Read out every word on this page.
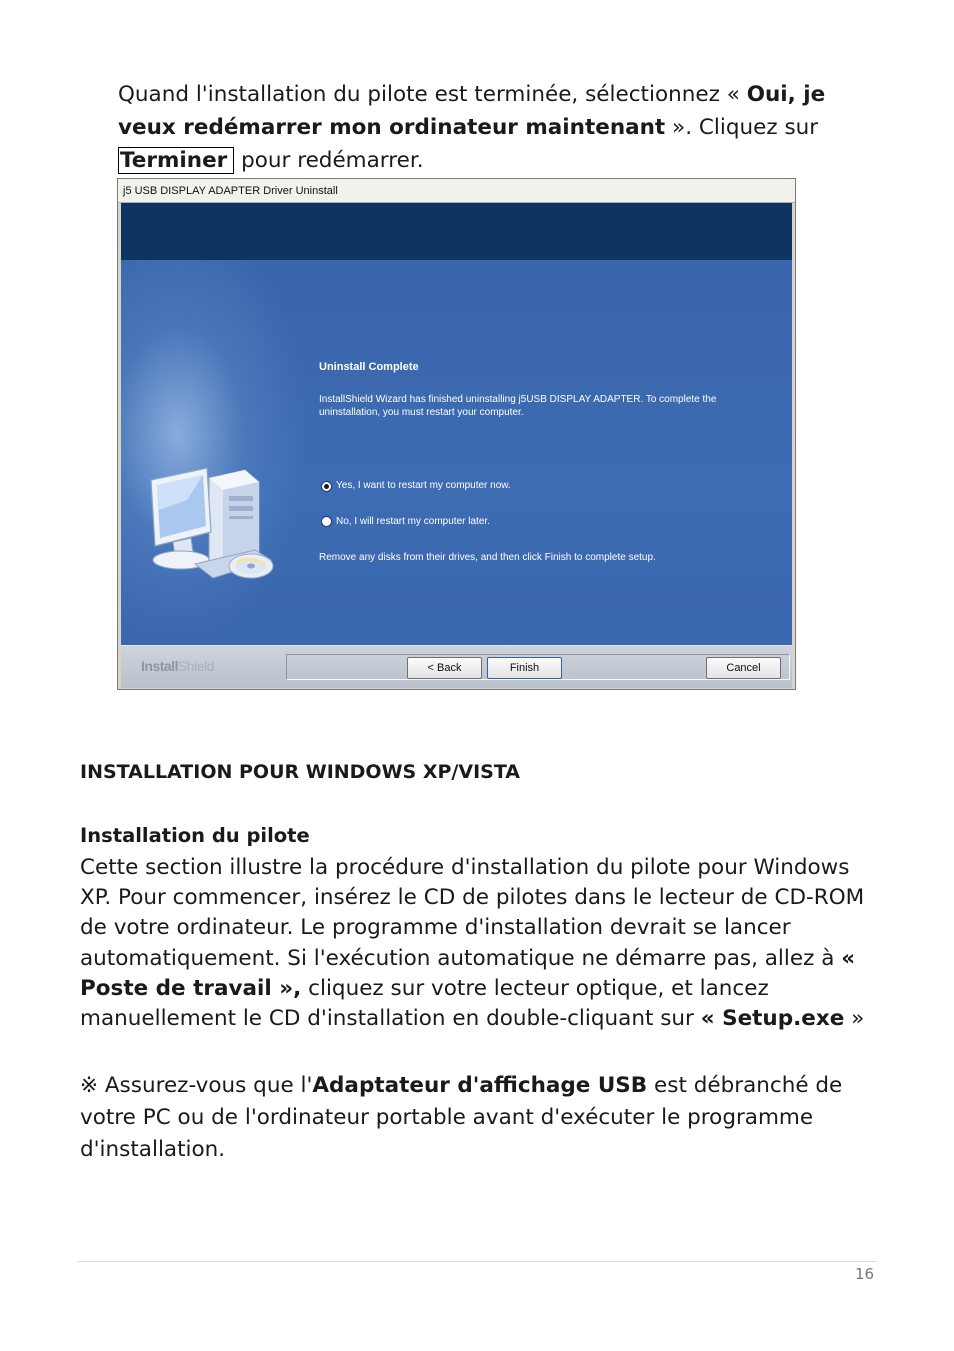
Quand l'installation du pilote est terminée, sélectionnez « Oui, je veux redémarrer mon ordinateur maintenant ». Cliquez sur Terminer pour redémarrer.
j5 USB DISPLAY ADAPTER Driver Uninstall
Uninstall Complete
InstallShield Wizard has finished uninstalling j5USB DISPLAY ADAPTER. To complete the
uninstallation, you must restart your computer.
Yes, I want to restart my computer now.
No, I will restart my computer later.
Remove any disks from their drives, and then click Finish to complete setup.
InstallShield	< Back	Finish	Cancel
INSTALLATION POUR WINDOWS XP/VISTA
Installation du pilote
Cette section illustre la procédure d'installation du pilote pour Windows XP. Pour commencer, insérez le CD de pilotes dans le lecteur de CD-ROM de votre ordinateur. Le programme d'installation devrait se lancer automatiquement. Si l'exécution automatique ne démarre pas, allez à « Poste de travail », cliquez sur votre lecteur optique, et lancez manuellement le CD d'installation en double-cliquant sur « Setup.exe »
※ Assurez-vous que l'Adaptateur d'affichage USB est débranché de votre PC ou de l'ordinateur portable avant d'exécuter le programme d'installation.
16
